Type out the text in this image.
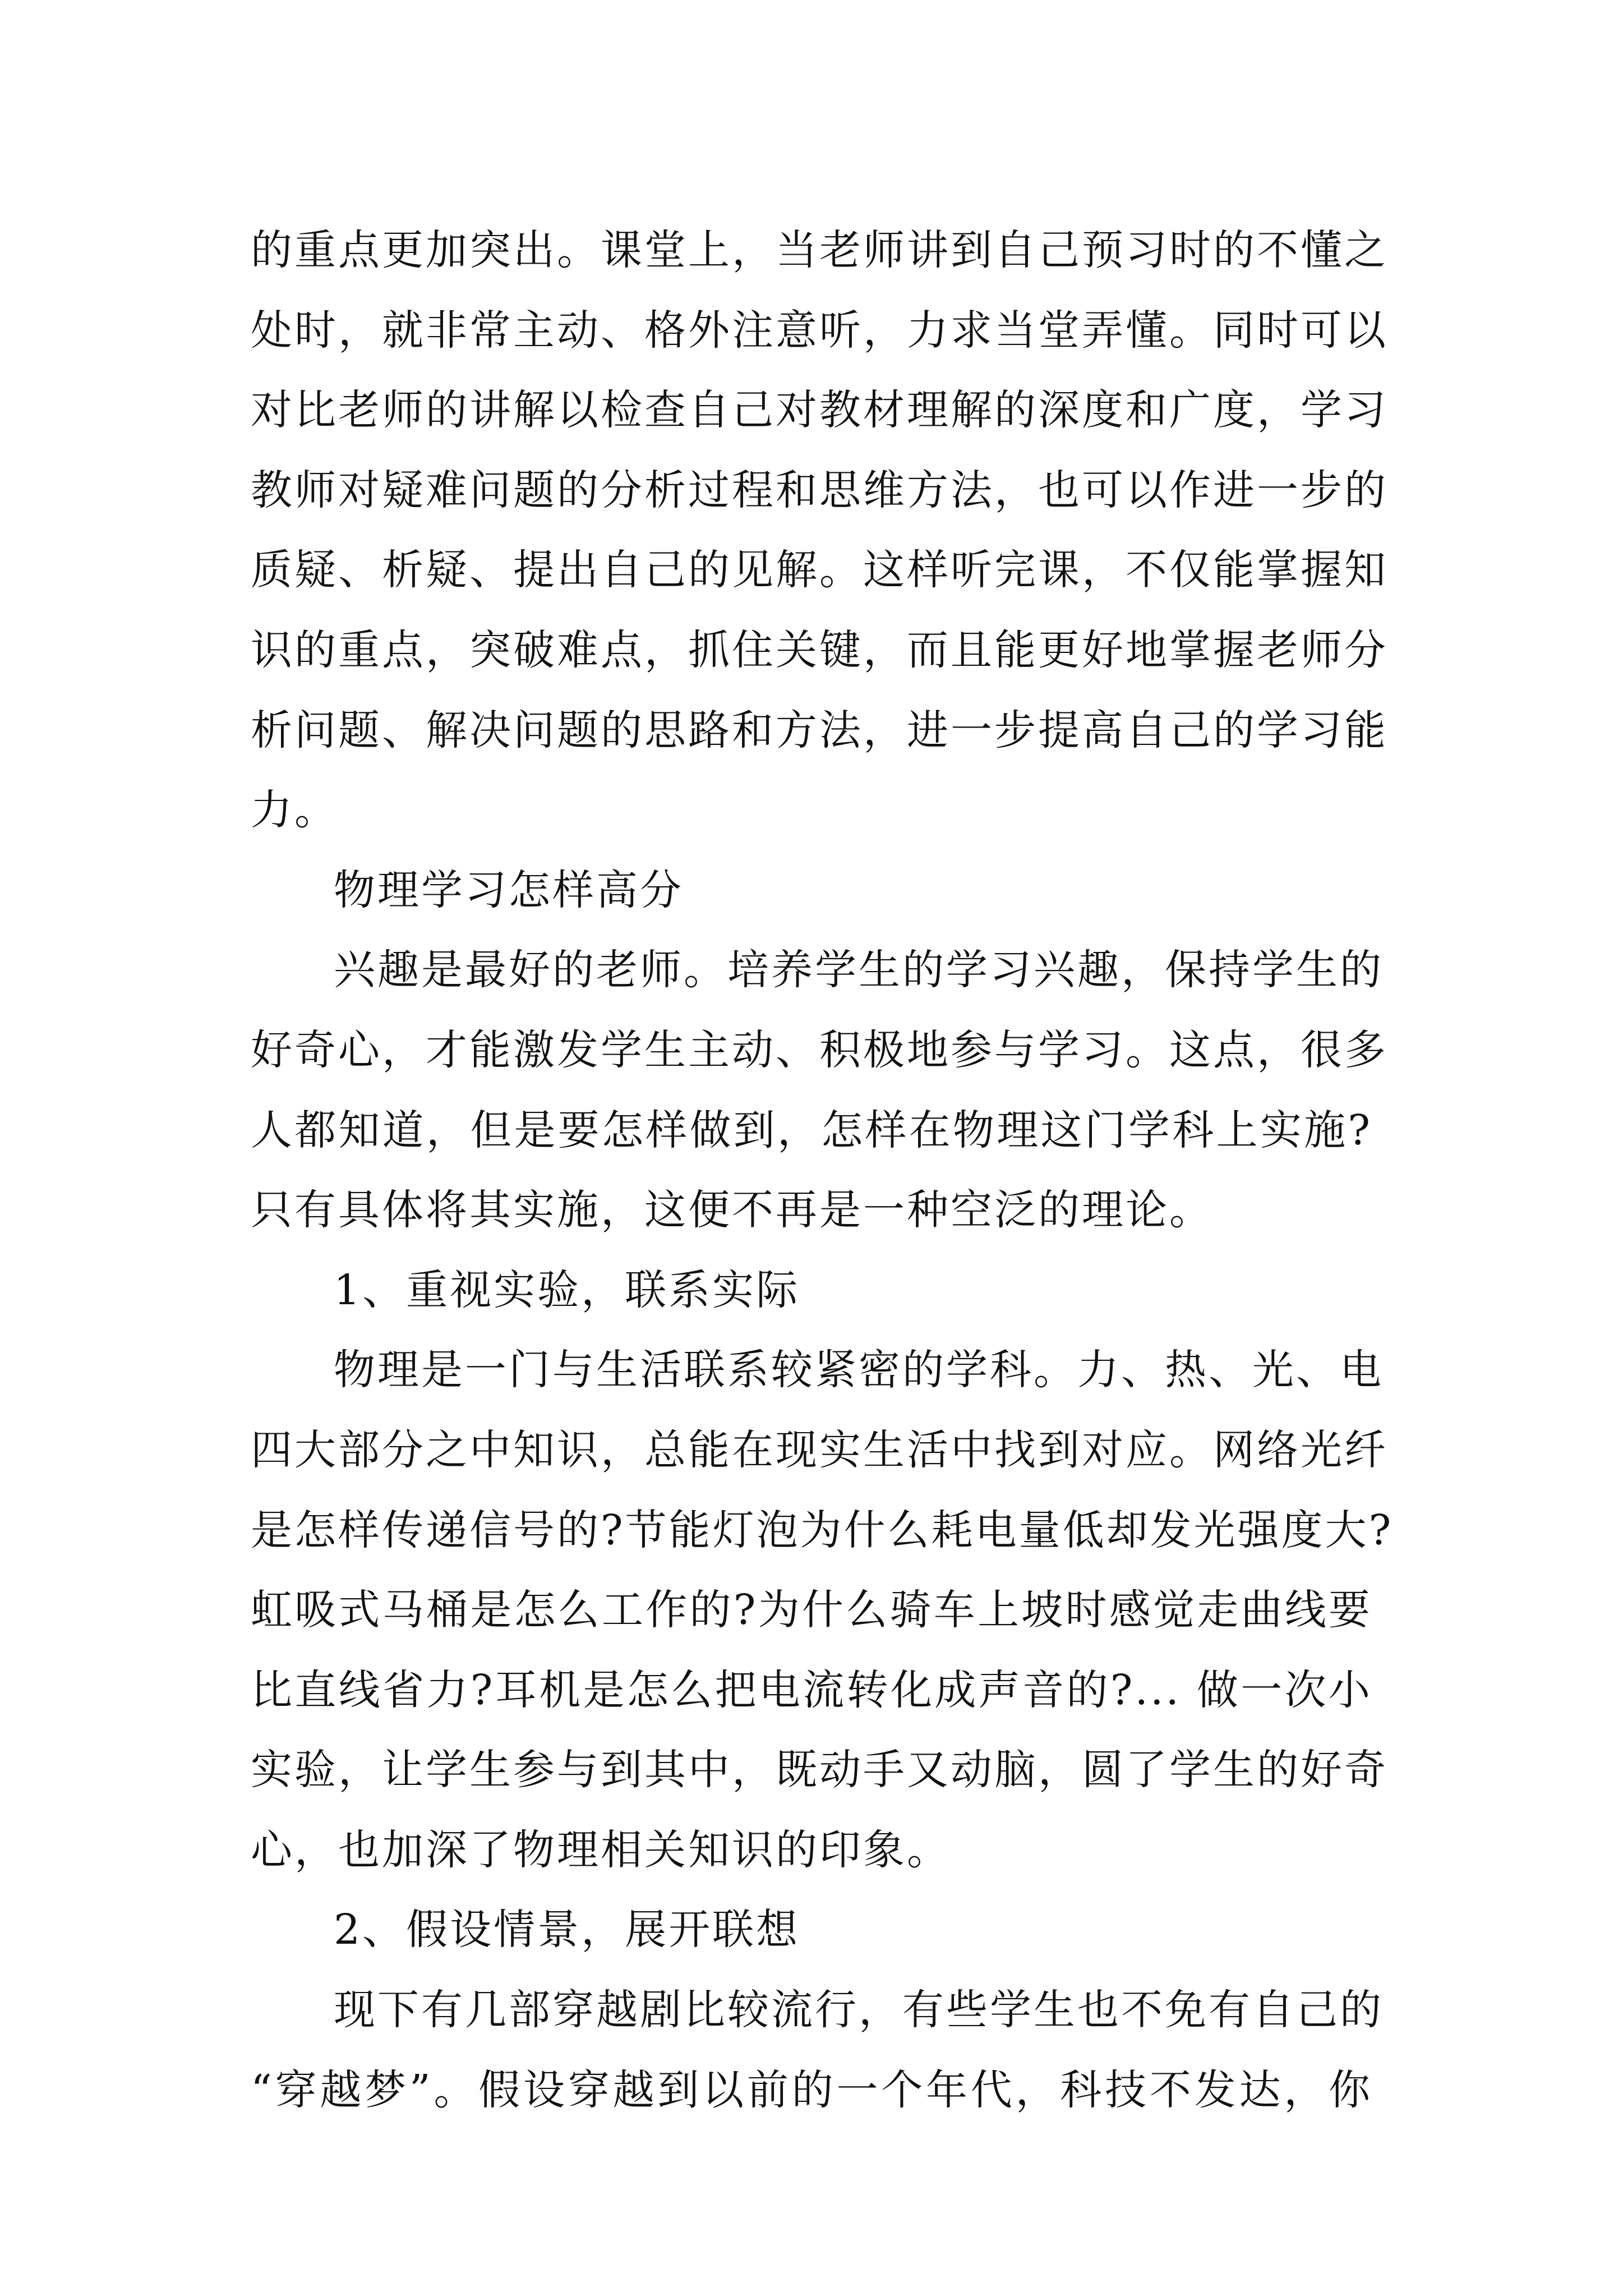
的重点更加突出。课堂上，当老师讲到自己预习时的不懂之
处时，就非常主动、格外注意听，力求当堂弄懂。同时可以
对比老师的讲解以检查自己对教材理解的深度和广度，学习
教师对疑难问题的分析过程和思维方法，也可以作进一步的
质疑、析疑、提出自己的见解。这样听完课，不仅能掌握知
识的重点，突破难点，抓住关键，而且能更好地掌握老师分
析问题、解决问题的思路和方法，进一步提高自己的学习能
力。
物理学习怎样高分
兴趣是最好的老师。培养学生的学习兴趣，保持学生的
好奇心，才能激发学生主动、积极地参与学习。这点，很多
人都知道，但是要怎样做到，怎样在物理这门学科上实施?
只有具体将其实施，这便不再是一种空泛的理论。
1、重视实验，联系实际
物理是一门与生活联系较紧密的学科。力、热、光、电
四大部分之中知识，总能在现实生活中找到对应。网络光纤
是怎样传递信号的?节能灯泡为什么耗电量低却发光强度大?
虹吸式马桶是怎么工作的?为什么骑车上坡时感觉走曲线要
比直线省力?耳机是怎么把电流转化成声音的?... 做一次小
实验，让学生参与到其中，既动手又动脑，圆了学生的好奇
心，也加深了物理相关知识的印象。
2、假设情景，展开联想
现下有几部穿越剧比较流行，有些学生也不免有自己的
“穿越梦”。假设穿越到以前的一个年代，科技不发达，你
